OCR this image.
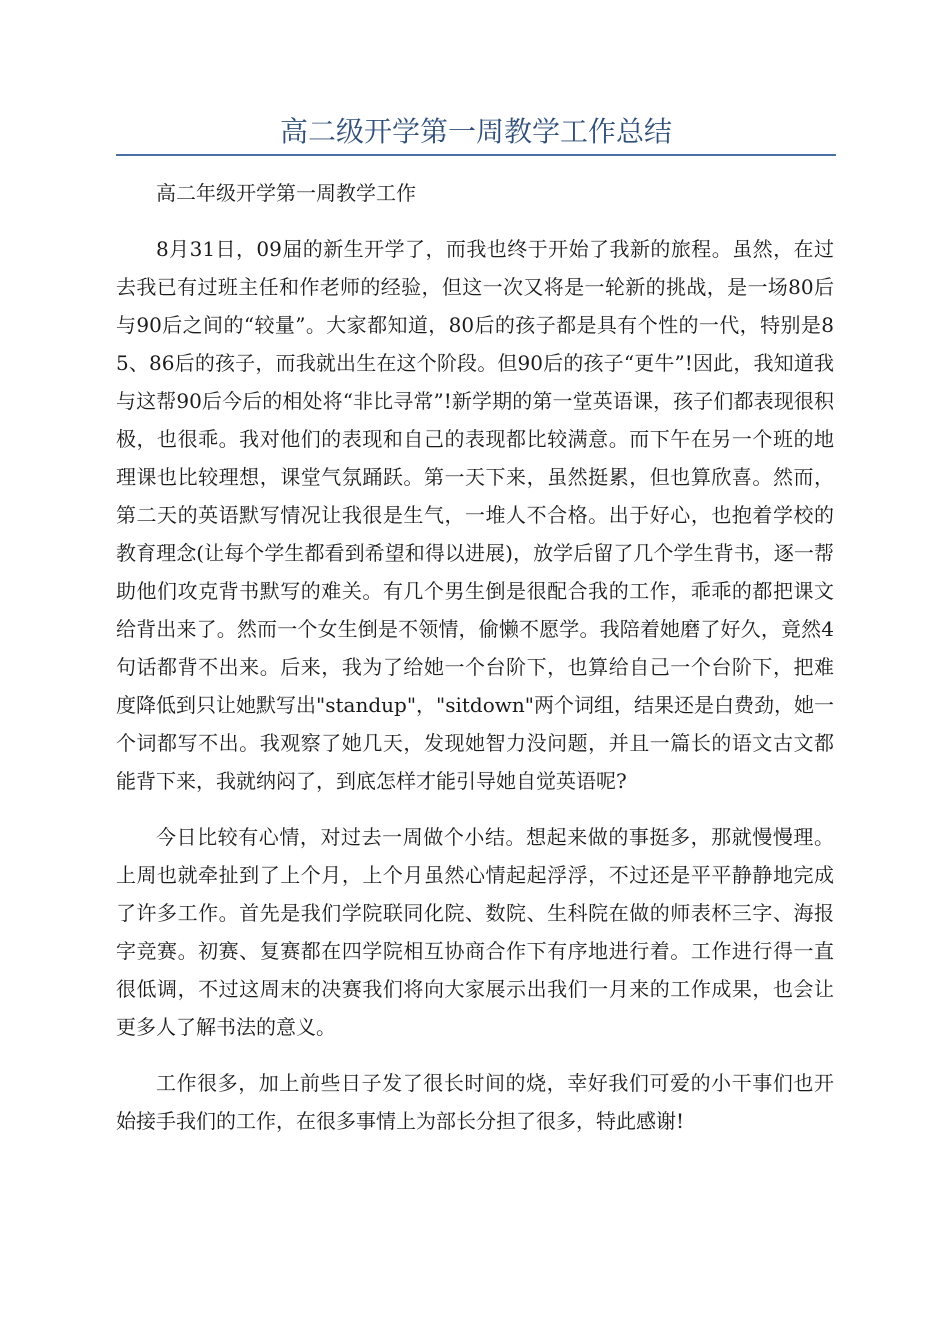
高二级开学第一周教学工作总结

高二年级开学第一周教学工作

8月31日，09届的新生开学了，而我也终于开始了我新的旅程。虽然，在过去我已有过班主任和作老师的经验，但这一次又将是一轮新的挑战，是一场80后与90后之间的“较量”。大家都知道，80后的孩子都是具有个性的一代，特别是85、86后的孩子，而我就出生在这个阶段。但90后的孩子“更牛”!因此，我知道我与这帮90后今后的相处将“非比寻常”!新学期的第一堂英语课，孩子们都表现很积极，也很乖。我对他们的表现和自己的表现都比较满意。而下午在另一个班的地理课也比较理想，课堂气氛踊跃。第一天下来，虽然挺累，但也算欣喜。然而，第二天的英语默写情况让我很是生气，一堆人不合格。出于好心，也抱着学校的教育理念(让每个学生都看到希望和得以进展)，放学后留了几个学生背书，逐一帮助他们攻克背书默写的难关。有几个男生倒是很配合我的工作，乖乖的都把课文给背出来了。然而一个女生倒是不领情，偷懒不愿学。我陪着她磨了好久，竟然4句话都背不出来。后来，我为了给她一个台阶下，也算给自己一个台阶下，把难度降低到只让她默写出"standup"，"sitdown"两个词组，结果还是白费劲，她一个词都写不出。我观察了她几天，发现她智力没问题，并且一篇长的语文古文都能背下来，我就纳闷了，到底怎样才能引导她自觉英语呢?

今日比较有心情，对过去一周做个小结。想起来做的事挺多，那就慢慢理。上周也就牵扯到了上个月，上个月虽然心情起起浮浮，不过还是平平静静地完成了许多工作。首先是我们学院联同化院、数院、生科院在做的师表杯三字、海报字竞赛。初赛、复赛都在四学院相互协商合作下有序地进行着。工作进行得一直很低调，不过这周末的决赛我们将向大家展示出我们一月来的工作成果，也会让更多人了解书法的意义。

工作很多，加上前些日子发了很长时间的烧，幸好我们可爱的小干事们也开始接手我们的工作，在很多事情上为部长分担了很多，特此感谢!
